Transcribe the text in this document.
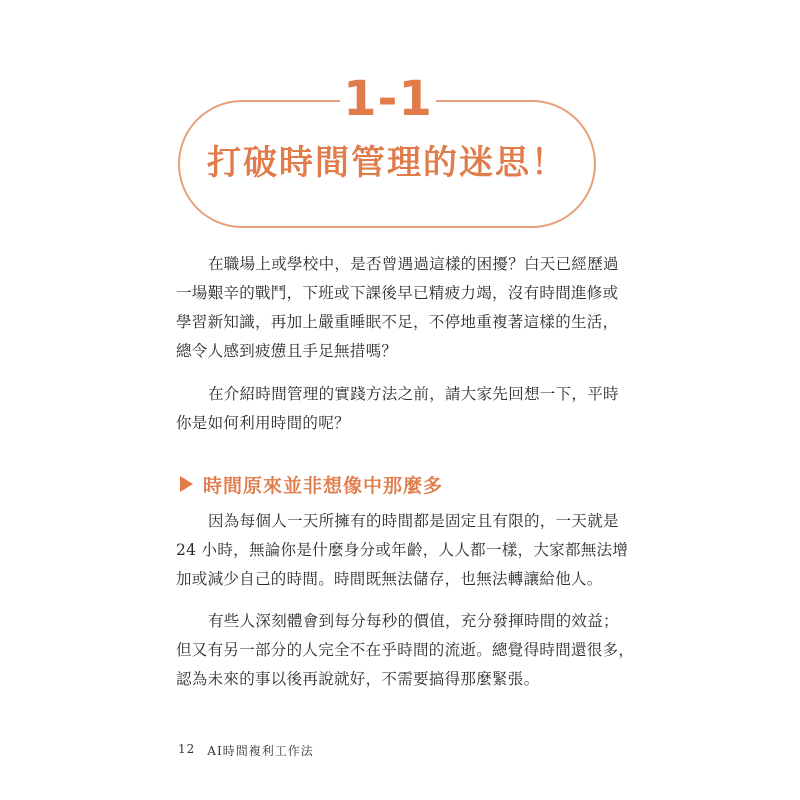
1-1
打破時間管理的迷思！
在職場上或學校中，是否曾遇過這樣的困擾？白天已經歷過
一場艱辛的戰鬥，下班或下課後早已精疲力竭，沒有時間進修或
學習新知識，再加上嚴重睡眠不足，不停地重複著這樣的生活，
總令人感到疲憊且手足無措嗎？
在介紹時間管理的實踐方法之前，請大家先回想一下，平時
你是如何利用時間的呢？
時間原來並非想像中那麼多
因為每個人一天所擁有的時間都是固定且有限的，一天就是
24 小時，無論你是什麼身分或年齡，人人都一樣，大家都無法增
加或減少自己的時間。時間既無法儲存，也無法轉讓給他人。
有些人深刻體會到每分每秒的價值，充分發揮時間的效益；
但又有另一部分的人完全不在乎時間的流逝。總覺得時間還很多，
認為未來的事以後再說就好，不需要搞得那麼緊張。
12 AI時間複利工作法
